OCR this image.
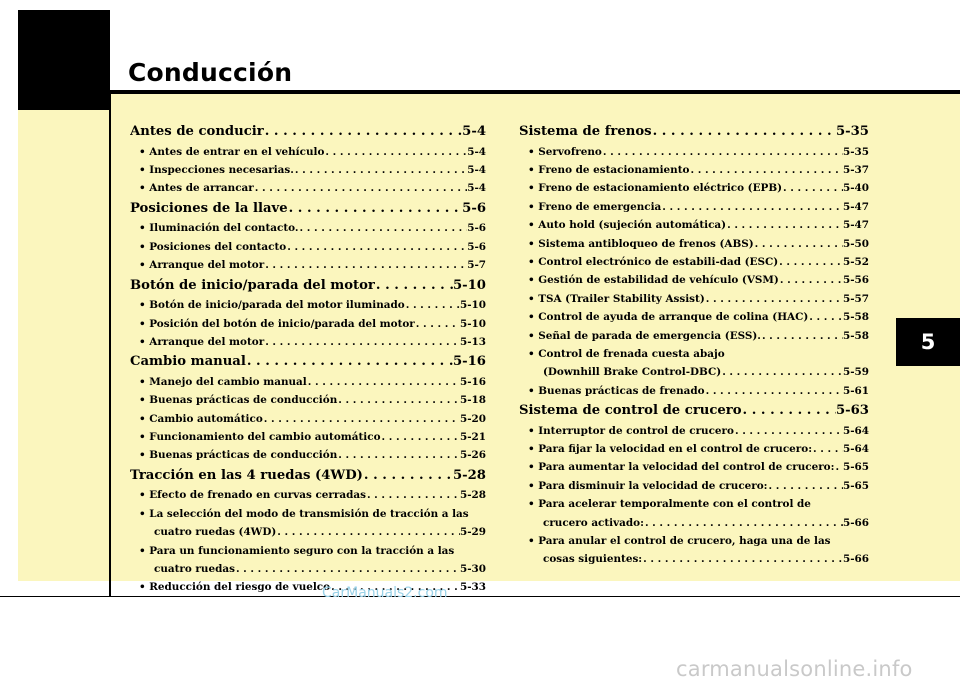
Conducción
5
Antes de conducir . . .	5-4
• Antes de entrar en el vehículo . . .	5-4
• Inspecciones necesarias. . . .	5-4
• Antes de arrancar . . .	5-4
Posiciones de la llave . . .	5-6
• Iluminación del contacto. . . .	5-6
• Posiciones del contacto . . .	5-6
• Arranque del motor . . .	5-7
Botón de inicio/parada del motor . . .	5-10
• Botón de inicio/parada del motor iluminado . . .	5-10
• Posición del botón de inicio/parada del motor . . .	5-10
• Arranque del motor . . .	5-13
Cambio manual . . .	5-16
• Manejo del cambio manual . . .	5-16
• Buenas prácticas de conducción . . .	5-18
• Cambio automático . . .	5-20
• Funcionamiento del cambio automático . . .	5-21
• Buenas prácticas de conducción . . .	5-26
Tracción en las 4 ruedas (4WD) . . .	5-28
• Efecto de frenado en curvas cerradas . . .	5-28
• La selección del modo de transmisión de tracción a las
cuatro ruedas (4WD) . . .	5-29
• Para un funcionamiento seguro con la tracción a las
cuatro ruedas . . .	5-30
• Reducción del riesgo de vuelco . . .	5-33
Sistema de frenos . . .	5-35
• Servofreno . . .	5-35
• Freno de estacionamiento . . .	5-37
• Freno de estacionamiento eléctrico (EPB) . . .	5-40
• Freno de emergencia . . .	5-47
• Auto hold (sujeción automática) . . .	5-47
• Sistema antibloqueo de frenos (ABS) . . .	5-50
• Control electrónico de estabili-dad (ESC) . . .	5-52
• Gestión de estabilidad de vehículo (VSM) . . .	5-56
• TSA (Trailer Stability Assist) . . .	5-57
• Control de ayuda de arranque de colina (HAC) . . .	5-58
• Señal de parada de emergencia (ESS). . . .	5-58
• Control de frenada cuesta abajo
(Downhill Brake Control-DBC) . . .	5-59
• Buenas prácticas de frenado . . .	5-61
Sistema de control de crucero . . .	5-63
• Interruptor de control de crucero . . .	5-64
• Para fijar la velocidad en el control de crucero: . . .	5-64
• Para aumentar la velocidad del control de crucero: . . . 5-65
• Para disminuir la velocidad de crucero: . . .	5-65
• Para acelerar temporalmente con el control de
crucero activado: . . .	5-66
• Para anular el control de crucero, haga una de las
cosas siguientes: . . .	5-66
CarManuals2.com
carmanualsonline.info
